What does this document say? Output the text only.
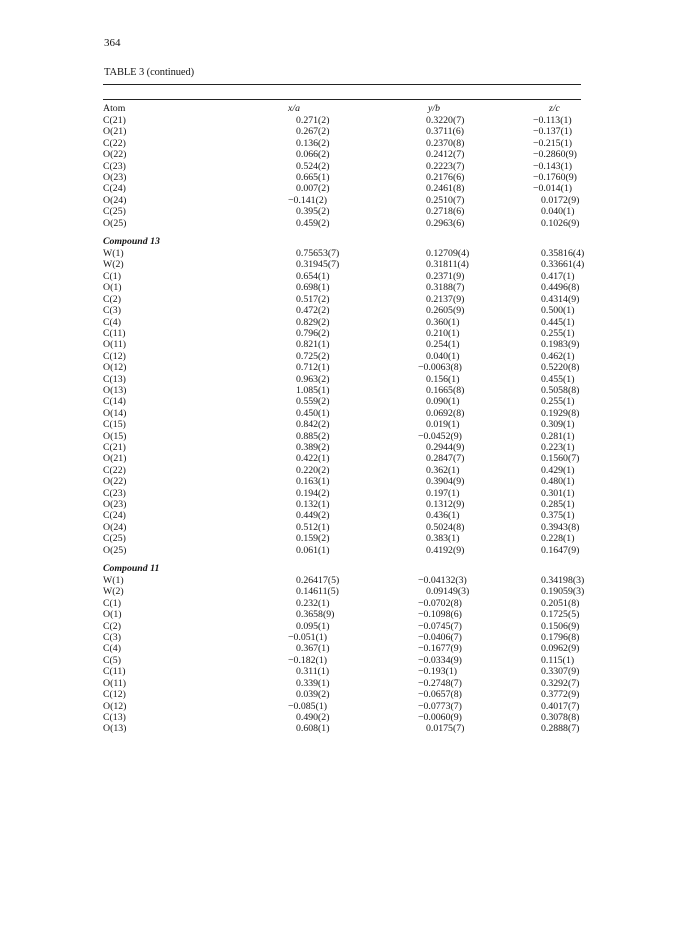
364
TABLE 3 (continued)
Atom	x/a	y/b	z/c
C(21)	0.271(2)	0.3220(7)	−0.113(1)
O(21)	0.267(2)	0.3711(6)	−0.137(1)
C(22)	0.136(2)	0.2370(8)	−0.215(1)
O(22)	0.066(2)	0.2412(7)	−0.2860(9)
C(23)	0.524(2)	0.2223(7)	−0.143(1)
O(23)	0.665(1)	0.2176(6)	−0.1760(9)
C(24)	0.007(2)	0.2461(8)	−0.014(1)
O(24)	−0.141(2)	0.2510(7)	0.0172(9)
C(25)	0.395(2)	0.2718(6)	0.040(1)
O(25)	0.459(2)	0.2963(6)	0.1026(9)

Compound 13			
W(1)	0.75653(7)	0.12709(4)	0.35816(4)
W(2)	0.31945(7)	0.31811(4)	0.33661(4)
C(1)	0.654(1)	0.2371(9)	0.417(1)
O(1)	0.698(1)	0.3188(7)	0.4496(8)
C(2)	0.517(2)	0.2137(9)	0.4314(9)
C(3)	0.472(2)	0.2605(9)	0.500(1)
C(4)	0.829(2)	0.360(1)	0.445(1)
C(11)	0.796(2)	0.210(1)	0.255(1)
O(11)	0.821(1)	0.254(1)	0.1983(9)
C(12)	0.725(2)	0.040(1)	0.462(1)
O(12)	0.712(1)	−0.0063(8)	0.5220(8)
C(13)	0.963(2)	0.156(1)	0.455(1)
O(13)	1.085(1)	0.1665(8)	0.5058(8)
C(14)	0.559(2)	0.090(1)	0.255(1)
O(14)	0.450(1)	0.0692(8)	0.1929(8)
C(15)	0.842(2)	0.019(1)	0.309(1)
O(15)	0.885(2)	−0.0452(9)	0.281(1)
C(21)	0.389(2)	0.2944(9)	0.223(1)
O(21)	0.422(1)	0.2847(7)	0.1560(7)
C(22)	0.220(2)	0.362(1)	0.429(1)
O(22)	0.163(1)	0.3904(9)	0.480(1)
C(23)	0.194(2)	0.197(1)	0.301(1)
O(23)	0.132(1)	0.1312(9)	0.285(1)
C(24)	0.449(2)	0.436(1)	0.375(1)
O(24)	0.512(1)	0.5024(8)	0.3943(8)
C(25)	0.159(2)	0.383(1)	0.228(1)
O(25)	0.061(1)	0.4192(9)	0.1647(9)

Compound 11			
W(1)	0.26417(5)	−0.04132(3)	0.34198(3)
W(2)	0.14611(5)	0.09149(3)	0.19059(3)
C(1)	0.232(1)	−0.0702(8)	0.2051(8)
O(1)	0.3658(9)	−0.1098(6)	0.1725(5)
C(2)	0.095(1)	−0.0745(7)	0.1506(9)
C(3)	−0.051(1)	−0.0406(7)	0.1796(8)
C(4)	0.367(1)	−0.1677(9)	0.0962(9)
C(5)	−0.182(1)	−0.0334(9)	0.115(1)
C(11)	0.311(1)	−0.193(1)	0.3307(9)
O(11)	0.339(1)	−0.2748(7)	0.3292(7)
C(12)	0.039(2)	−0.0657(8)	0.3772(9)
O(12)	−0.085(1)	−0.0773(7)	0.4017(7)
C(13)	0.490(2)	−0.0060(9)	0.3078(8)
O(13)	0.608(1)	0.0175(7)	0.2888(7)
